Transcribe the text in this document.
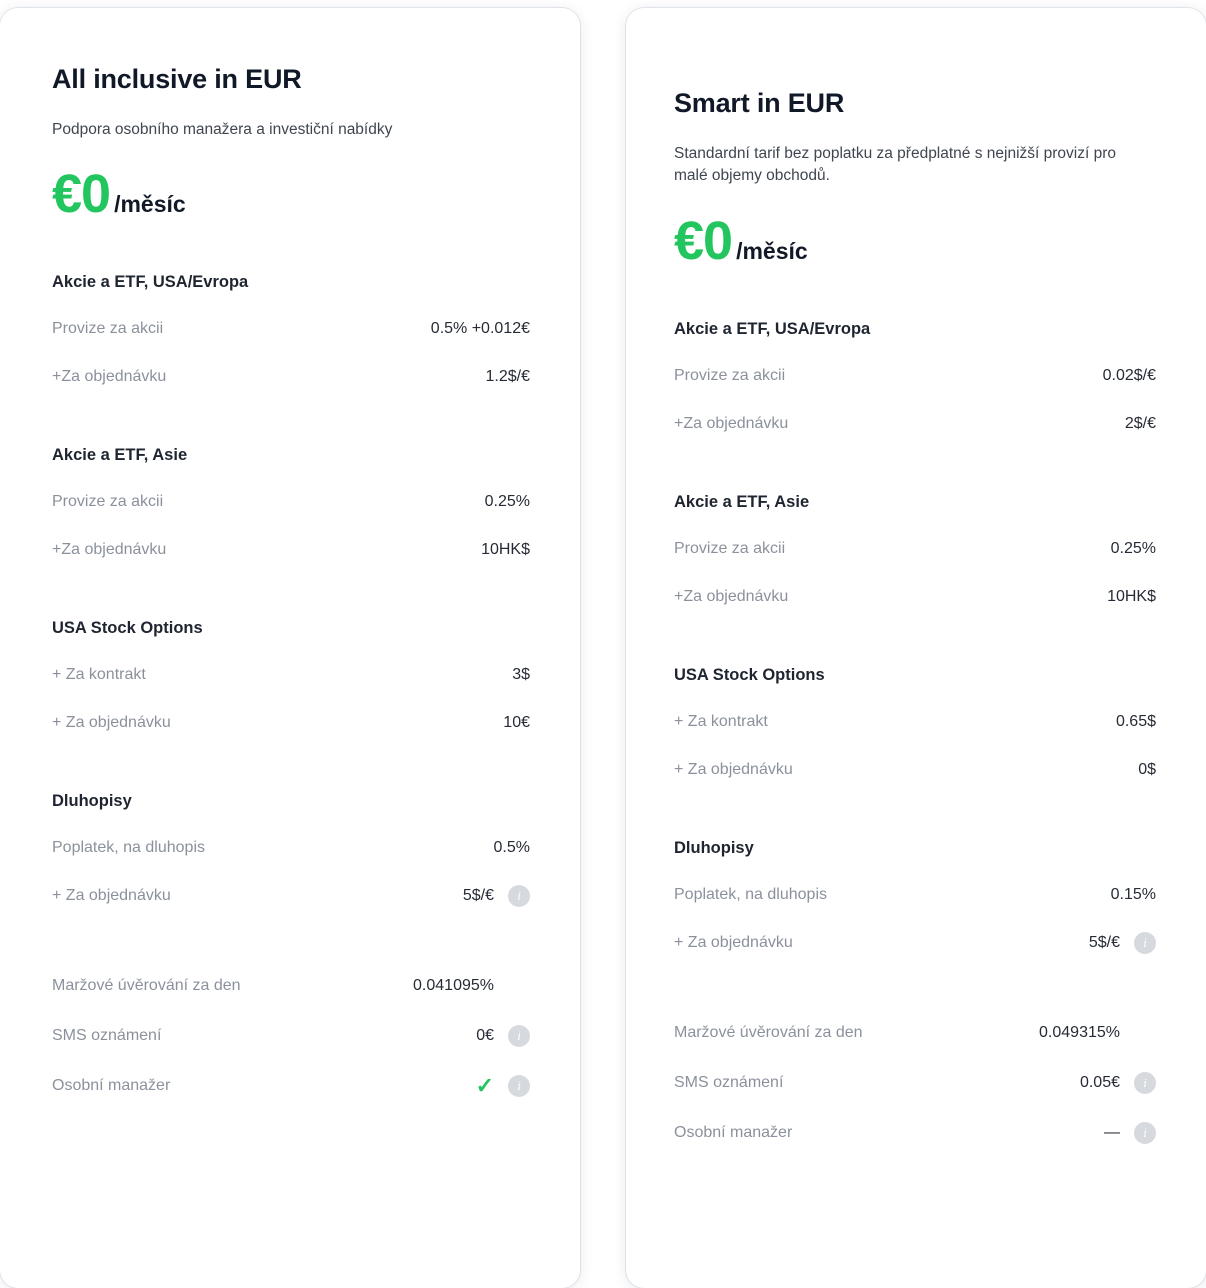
All inclusive in EUR

Podpora osobního manažera a investiční nabídky

€0 /měsíc
Akcie a ETF, USA/Evropa
Provize za akcii	0.5% +0.012€
+Za objednávku	1.2$/€
Akcie a ETF, Asie
Provize za akcii	0.25%
+Za objednávku	10HK$
USA Stock Options
+ Za kontrakt	3$
+ Za objednávku	10€
Dluhopisy
Poplatek, na dluhopis	0.5%
+ Za objednávku	5$/€	i
Maržové úvěrování za den	0.041095%
SMS oznámení	0€	i
Osobní manažer	✓	i
Smart in EUR

Standardní tarif bez poplatku za předplatné s nejnižší provizí pro malé objemy obchodů.

€0 /měsíc
Akcie a ETF, USA/Evropa
Provize za akcii	0.02$/€
+Za objednávku	2$/€
Akcie a ETF, Asie
Provize za akcii	0.25%
+Za objednávku	10HK$
USA Stock Options
+ Za kontrakt	0.65$
+ Za objednávku	0$
Dluhopisy
Poplatek, na dluhopis	0.15%
+ Za objednávku	5$/€	i
Maržové úvěrování za den	0.049315%
SMS oznámení	0.05€	i
Osobní manažer	—	i
